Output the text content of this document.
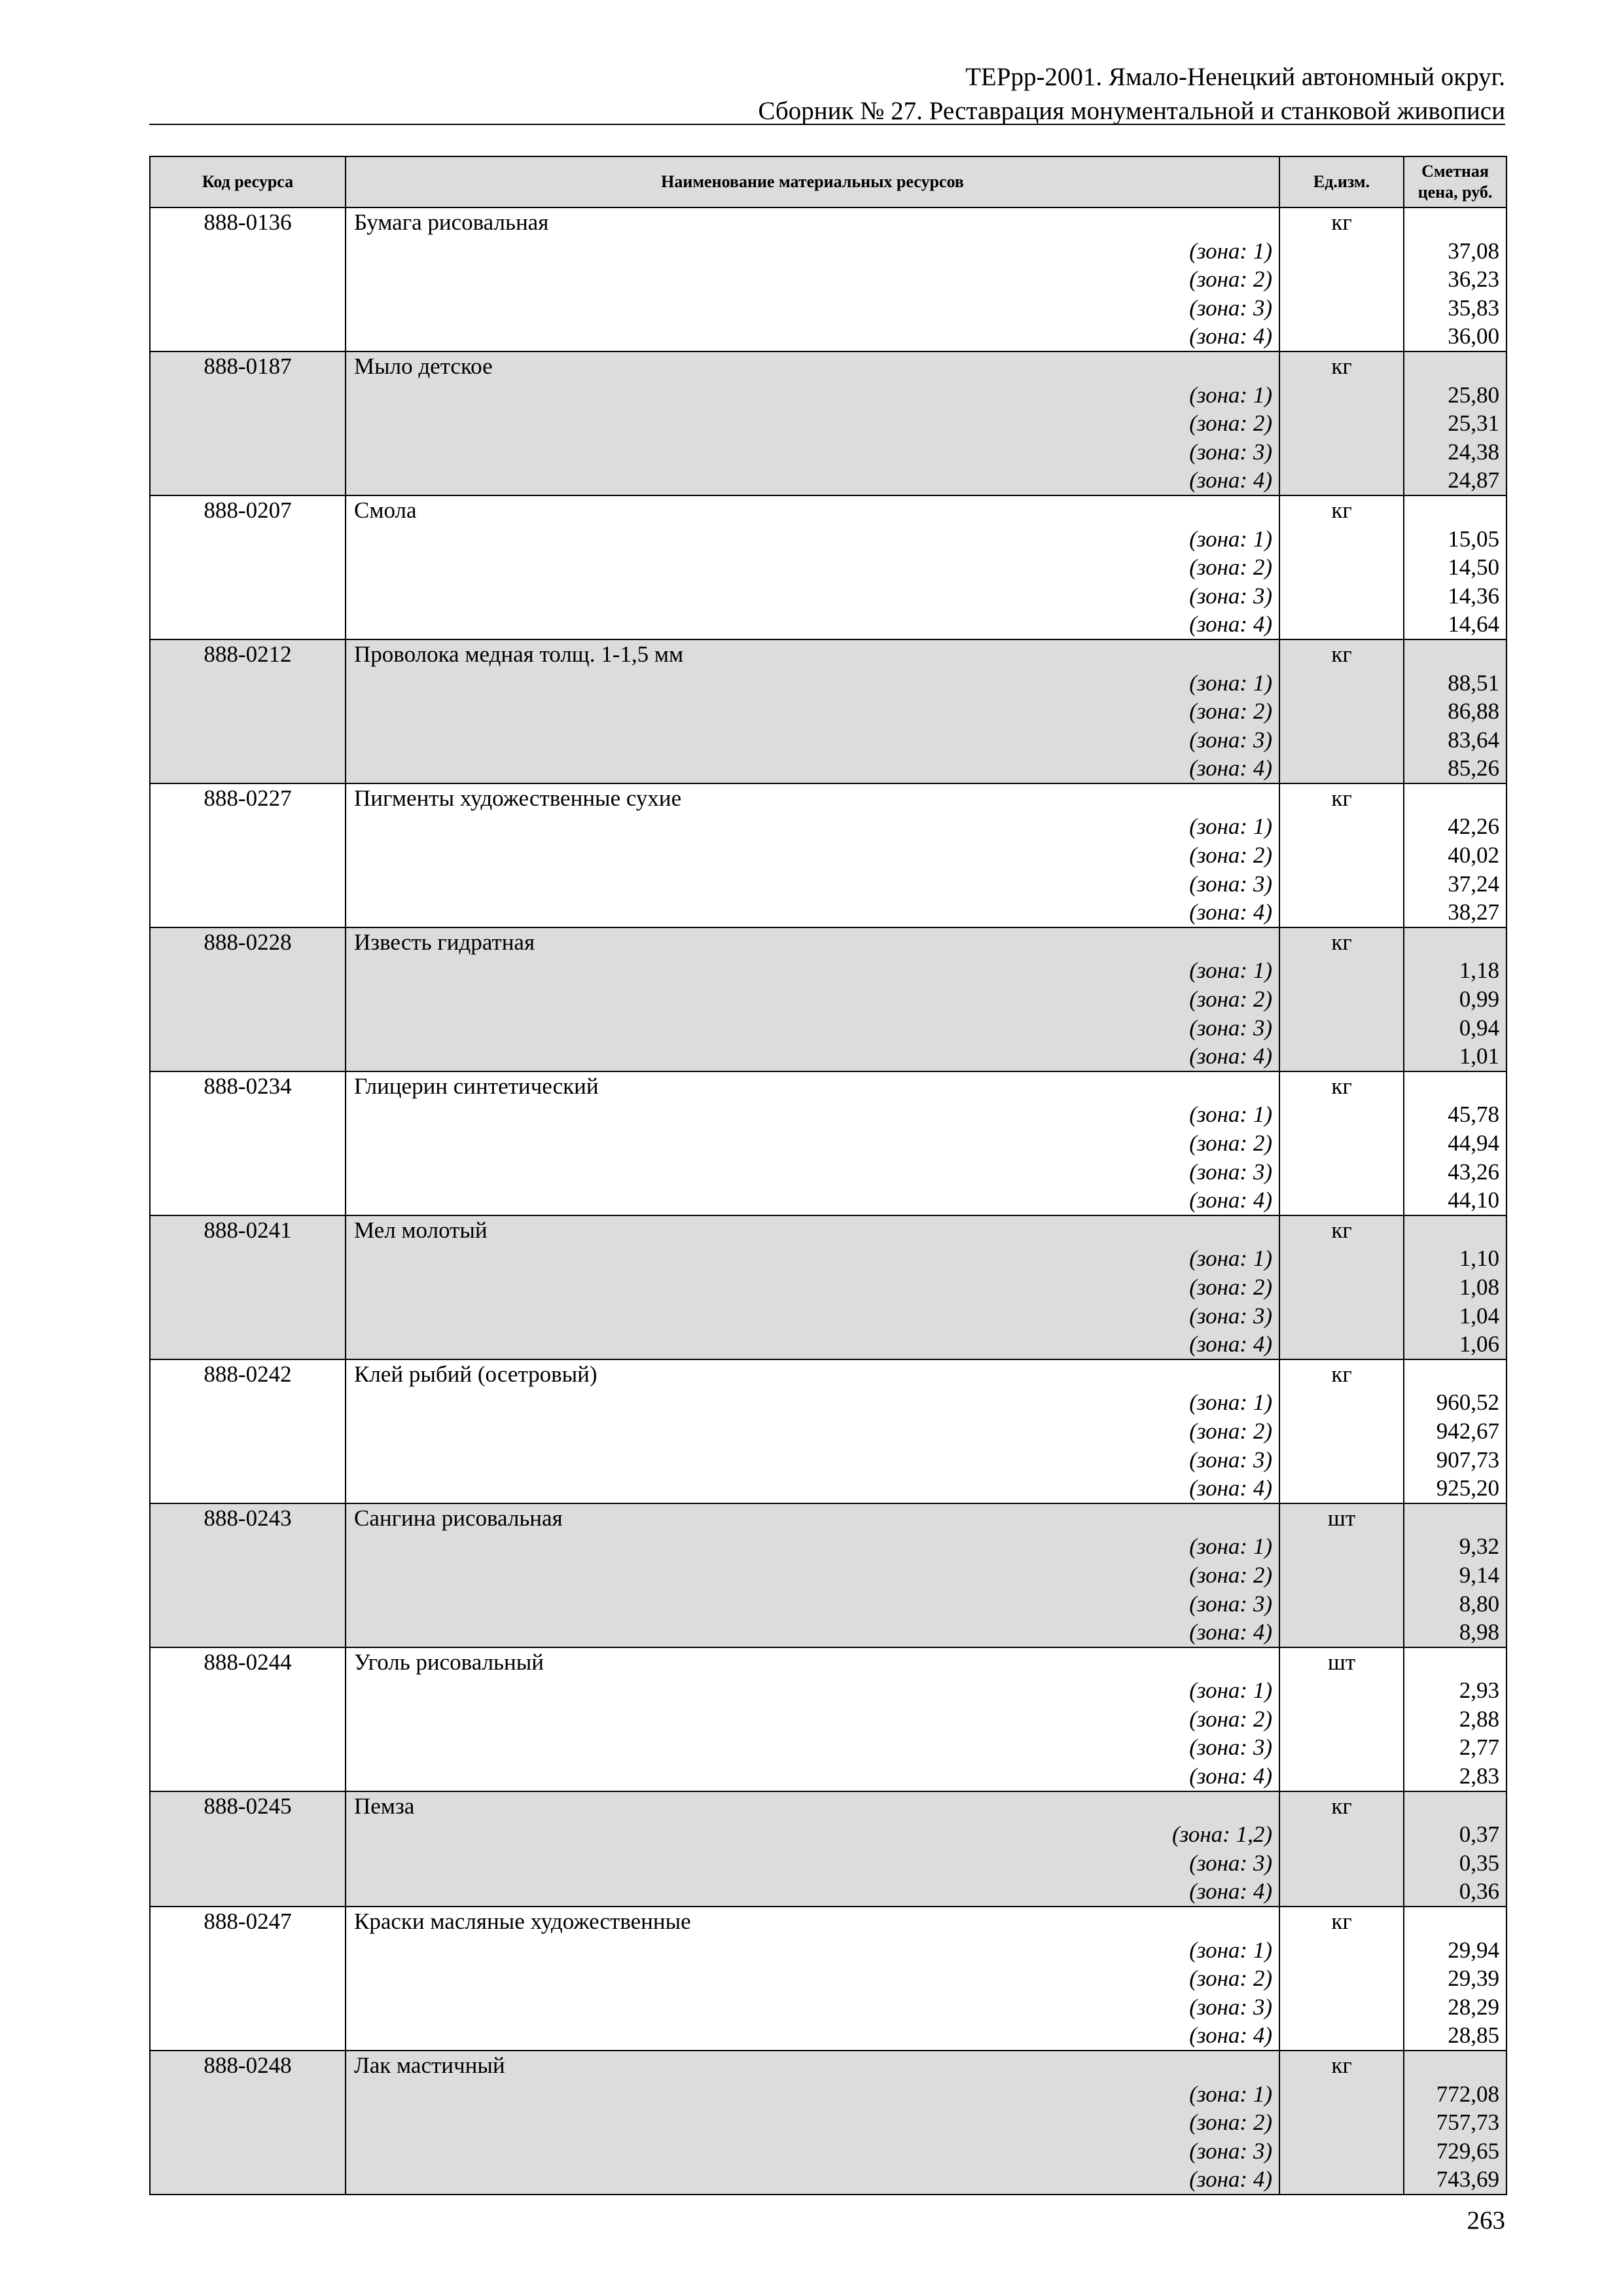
ТЕРрр-2001. Ямало-Ненецкий автономный округ.
Сборник № 27. Реставрация монументальной и станковой живописи
Код ресурса	Наименование материальных ресурсов	Ед.изм.	Сметная
цена, руб.

888-0136	Бумага рисовальная	кг	
	(зона: 1)		37,08
	(зона: 2)		36,23
	(зона: 3)		35,83
	(зона: 4)		36,00
888-0187	Мыло детское	кг	
	(зона: 1)		25,80
	(зона: 2)		25,31
	(зона: 3)		24,38
	(зона: 4)		24,87
888-0207	Смола	кг	
	(зона: 1)		15,05
	(зона: 2)		14,50
	(зона: 3)		14,36
	(зона: 4)		14,64
888-0212	Проволока медная толщ. 1-1,5 мм	кг	
	(зона: 1)		88,51
	(зона: 2)		86,88
	(зона: 3)		83,64
	(зона: 4)		85,26
888-0227	Пигменты художественные сухие	кг	
	(зона: 1)		42,26
	(зона: 2)		40,02
	(зона: 3)		37,24
	(зона: 4)		38,27
888-0228	Известь гидратная	кг	
	(зона: 1)		1,18
	(зона: 2)		0,99
	(зона: 3)		0,94
	(зона: 4)		1,01
888-0234	Глицерин синтетический	кг	
	(зона: 1)		45,78
	(зона: 2)		44,94
	(зона: 3)		43,26
	(зона: 4)		44,10
888-0241	Мел молотый	кг	
	(зона: 1)		1,10
	(зона: 2)		1,08
	(зона: 3)		1,04
	(зона: 4)		1,06
888-0242	Клей рыбий (осетровый)	кг	
	(зона: 1)		960,52
	(зона: 2)		942,67
	(зона: 3)		907,73
	(зона: 4)		925,20
888-0243	Сангина рисовальная	шт	
	(зона: 1)		9,32
	(зона: 2)		9,14
	(зона: 3)		8,80
	(зона: 4)		8,98
888-0244	Уголь рисовальный	шт	
	(зона: 1)		2,93
	(зона: 2)		2,88
	(зона: 3)		2,77
	(зона: 4)		2,83
888-0245	Пемза	кг	
	(зона: 1,2)		0,37
	(зона: 3)		0,35
	(зона: 4)		0,36
888-0247	Краски масляные художественные	кг	
	(зона: 1)		29,94
	(зона: 2)		29,39
	(зона: 3)		28,29
	(зона: 4)		28,85
888-0248	Лак мастичный	кг	
	(зона: 1)		772,08
	(зона: 2)		757,73
	(зона: 3)		729,65
	(зона: 4)		743,69
263
